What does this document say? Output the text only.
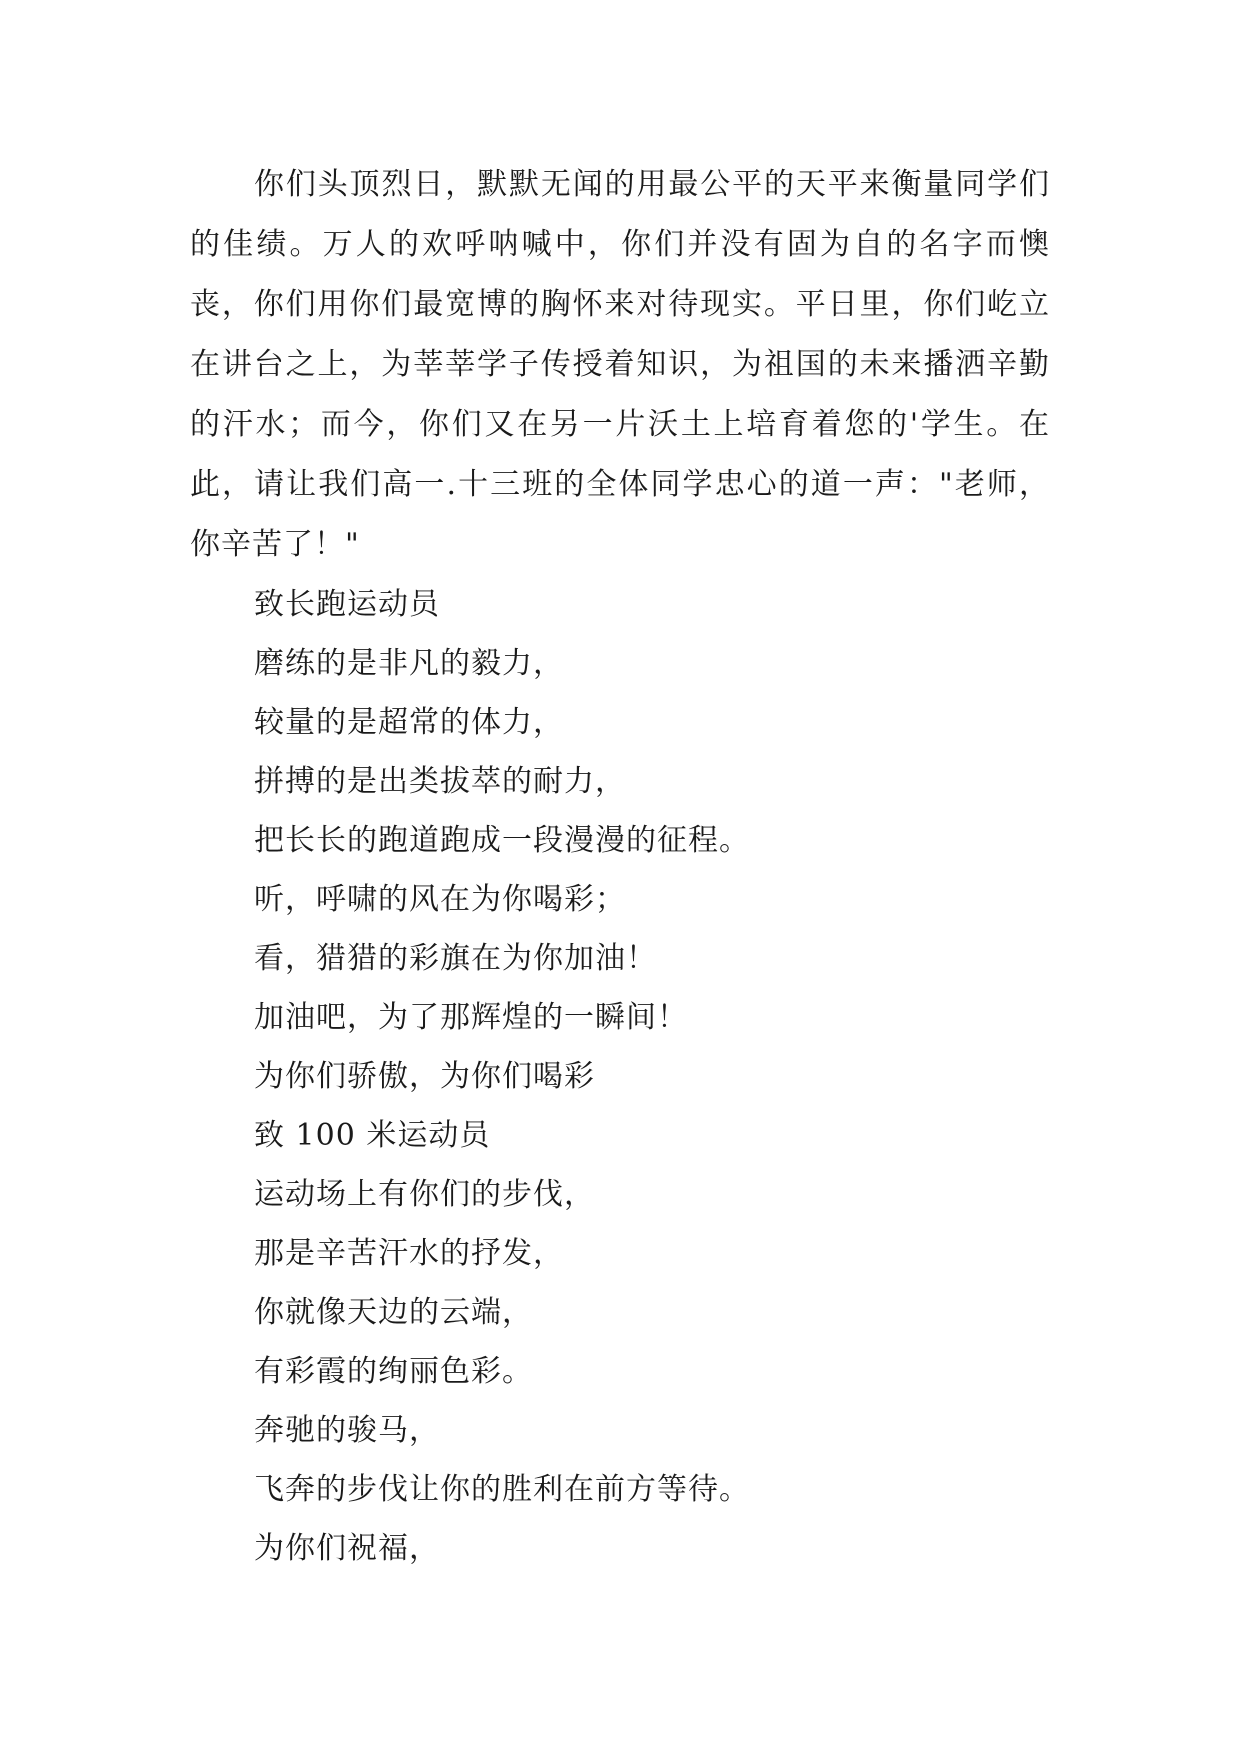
你们头顶烈日，默默无闻的用最公平的天平来衡量同学们的佳绩。万人的欢呼呐喊中，你们并没有固为自的名字而懊丧，你们用你们最宽博的胸怀来对待现实。平日里，你们屹立在讲台之上，为莘莘学子传授着知识，为祖国的未来播洒辛勤的汗水；而今，你们又在另一片沃土上培育着您的'学生。在此，请让我们高一.十三班的全体同学忠心的道一声："老师，你辛苦了！"

致长跑运动员
磨练的是非凡的毅力，
较量的是超常的体力，
拼搏的是出类拔萃的耐力，
把长长的跑道跑成一段漫漫的征程。
听，呼啸的风在为你喝彩；
看，猎猎的彩旗在为你加油！
加油吧，为了那辉煌的一瞬间！
为你们骄傲，为你们喝彩
致 100 米运动员
运动场上有你们的步伐，
那是辛苦汗水的抒发，
你就像天边的云端，
有彩霞的绚丽色彩。
奔驰的骏马，
飞奔的步伐让你的胜利在前方等待。
为你们祝福，
